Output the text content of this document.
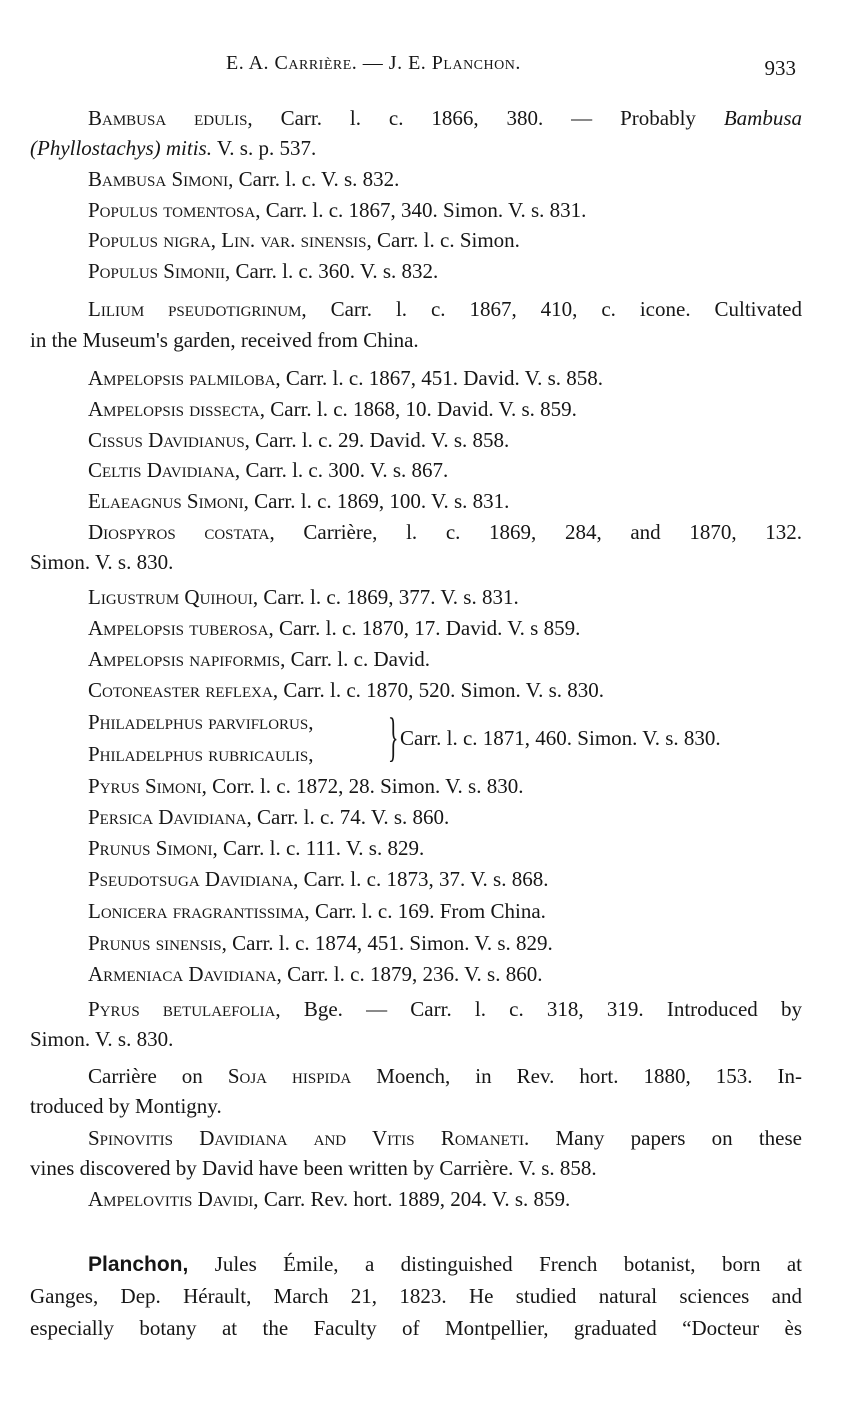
E. A. Carrière. — J. E. Planchon.	933
Bambusa edulis, Carr. l. c. 1866, 380. — Probably Bambusa
(Phyllostachys) mitis. V. s. p. 537.
Bambusa Simoni, Carr. l. c. V. s. 832.
Populus tomentosa, Carr. l. c. 1867, 340. Simon. V. s. 831.
Populus nigra, Lin. var. sinensis, Carr. l. c. Simon.
Populus Simonii, Carr. l. c. 360. V. s. 832.
Lilium pseudotigrinum, Carr. l. c. 1867, 410, c. icone. Cultivated
in the Museum's garden, received from China.
Ampelopsis palmiloba, Carr. l. c. 1867, 451. David. V. s. 858.
Ampelopsis dissecta, Carr. l. c. 1868, 10. David. V. s. 859.
Cissus Davidianus, Carr. l. c. 29. David. V. s. 858.
Celtis Davidiana, Carr. l. c. 300. V. s. 867.
Elaeagnus Simoni, Carr. l. c. 1869, 100. V. s. 831.
Diospyros costata, Carrière, l. c. 1869, 284, and 1870, 132.
Simon. V. s. 830.
Ligustrum Quihoui, Carr. l. c. 1869, 377. V. s. 831.
Ampelopsis tuberosa, Carr. l. c. 1870, 17. David. V. s 859.
Ampelopsis napiformis, Carr. l. c. David.
Cotoneaster reflexa, Carr. l. c. 1870, 520. Simon. V. s. 830.
Philadelphus parviflorus,
Philadelphus rubricaulis, } Carr. l. c. 1871, 460. Simon. V. s. 830.
Pyrus Simoni, Corr. l. c. 1872, 28. Simon. V. s. 830.
Persica Davidiana, Carr. l. c. 74. V. s. 860.
Prunus Simoni, Carr. l. c. 111. V. s. 829.
Pseudotsuga Davidiana, Carr. l. c. 1873, 37. V. s. 868.
Lonicera fragrantissima, Carr. l. c. 169. From China.
Prunus sinensis, Carr. l. c. 1874, 451. Simon. V. s. 829.
Armeniaca Davidiana, Carr. l. c. 1879, 236. V. s. 860.
Pyrus betulaefolia, Bge. — Carr. l. c. 318, 319. Introduced by
Simon. V. s. 830.
Carrière on Soja hispida Moench, in Rev. hort. 1880, 153. In-
troduced by Montigny.
Spinovitis Davidiana and Vitis Romaneti. Many papers on these
vines discovered by David have been written by Carrière. V. s. 858.
Ampelovitis Davidi, Carr. Rev. hort. 1889, 204. V. s. 859.
Planchon, Jules Émile, a distinguished French botanist, born at
Ganges, Dep. Hérault, March 21, 1823. He studied natural sciences and
especially botany at the Faculty of Montpellier, graduated “Docteur ès
